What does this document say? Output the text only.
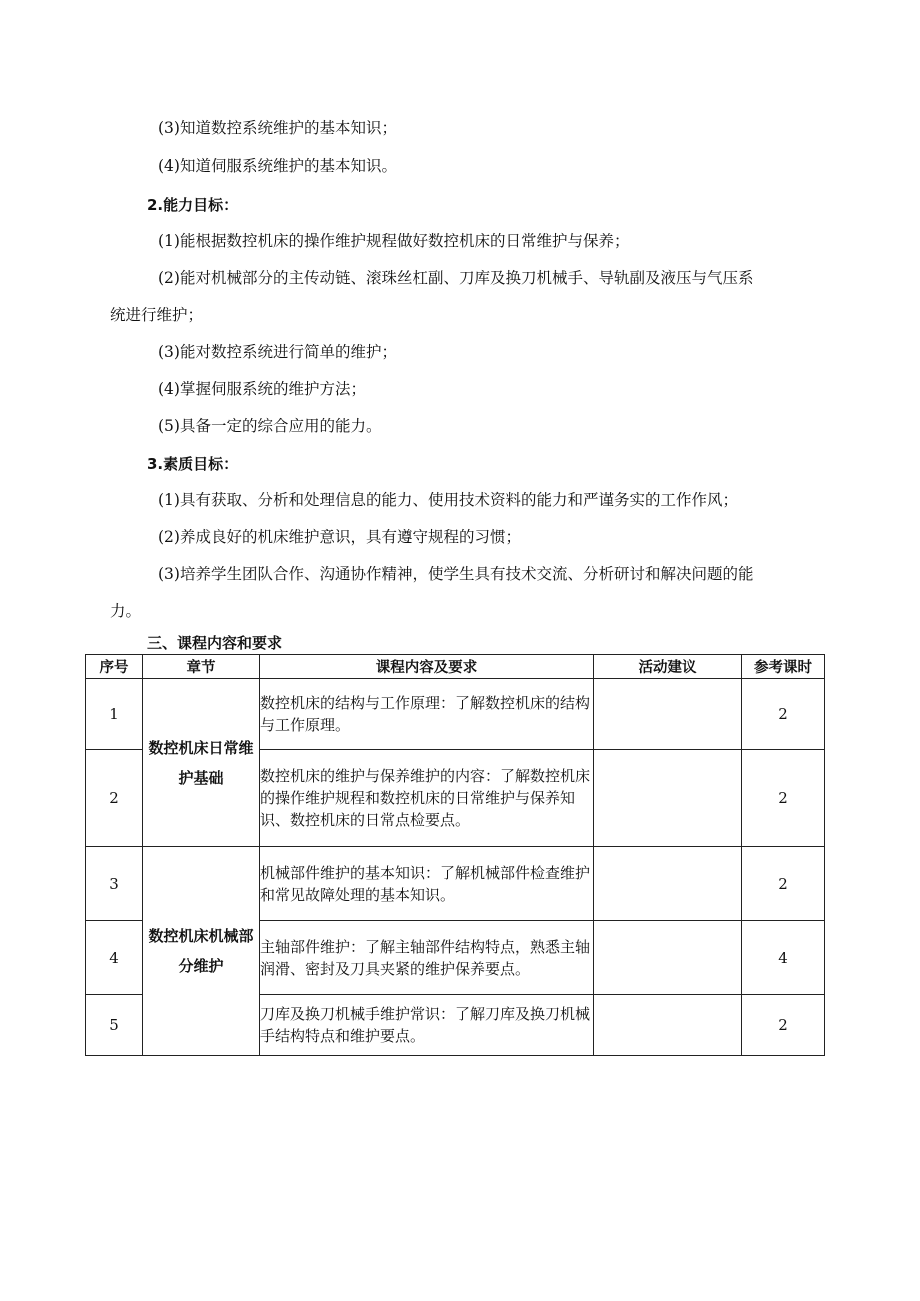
(3)知道数控系统维护的基本知识；
(4)知道伺服系统维护的基本知识。
2.能力目标：
(1)能根据数控机床的操作维护规程做好数控机床的日常维护与保养；
(2)能对机械部分的主传动链、滚珠丝杠副、刀库及换刀机械手、导轨副及液压与气压系
统进行维护；
(3)能对数控系统进行简单的维护；
(4)掌握伺服系统的维护方法；
(5)具备一定的综合应用的能力。
3.素质目标：
(1)具有获取、分析和处理信息的能力、使用技术资料的能力和严谨务实的工作作风；
(2)养成良好的机床维护意识，具有遵守规程的习惯；
(3)培养学生团队合作、沟通协作精神，使学生具有技术交流、分析研讨和解决问题的能
力。
三、课程内容和要求
序号	章节	课程内容及要求	活动建议	参考课时
1	数控机床日常维护基础	数控机床的结构与工作原理：了解数控机床的结构与工作原理。		2
2		数控机床的维护与保养维护的内容：了解数控机床的操作维护规程和数控机床的日常维护与保养知识、数控机床的日常点检要点。		2
3	数控机床机械部分维护	机械部件维护的基本知识：了解机械部件检查维护和常见故障处理的基本知识。		2
4		主轴部件维护：了解主轴部件结构特点，熟悉主轴润滑、密封及刀具夹紧的维护保养要点。		4
5		刀库及换刀机械手维护常识：了解刀库及换刀机械手结构特点和维护要点。		2
